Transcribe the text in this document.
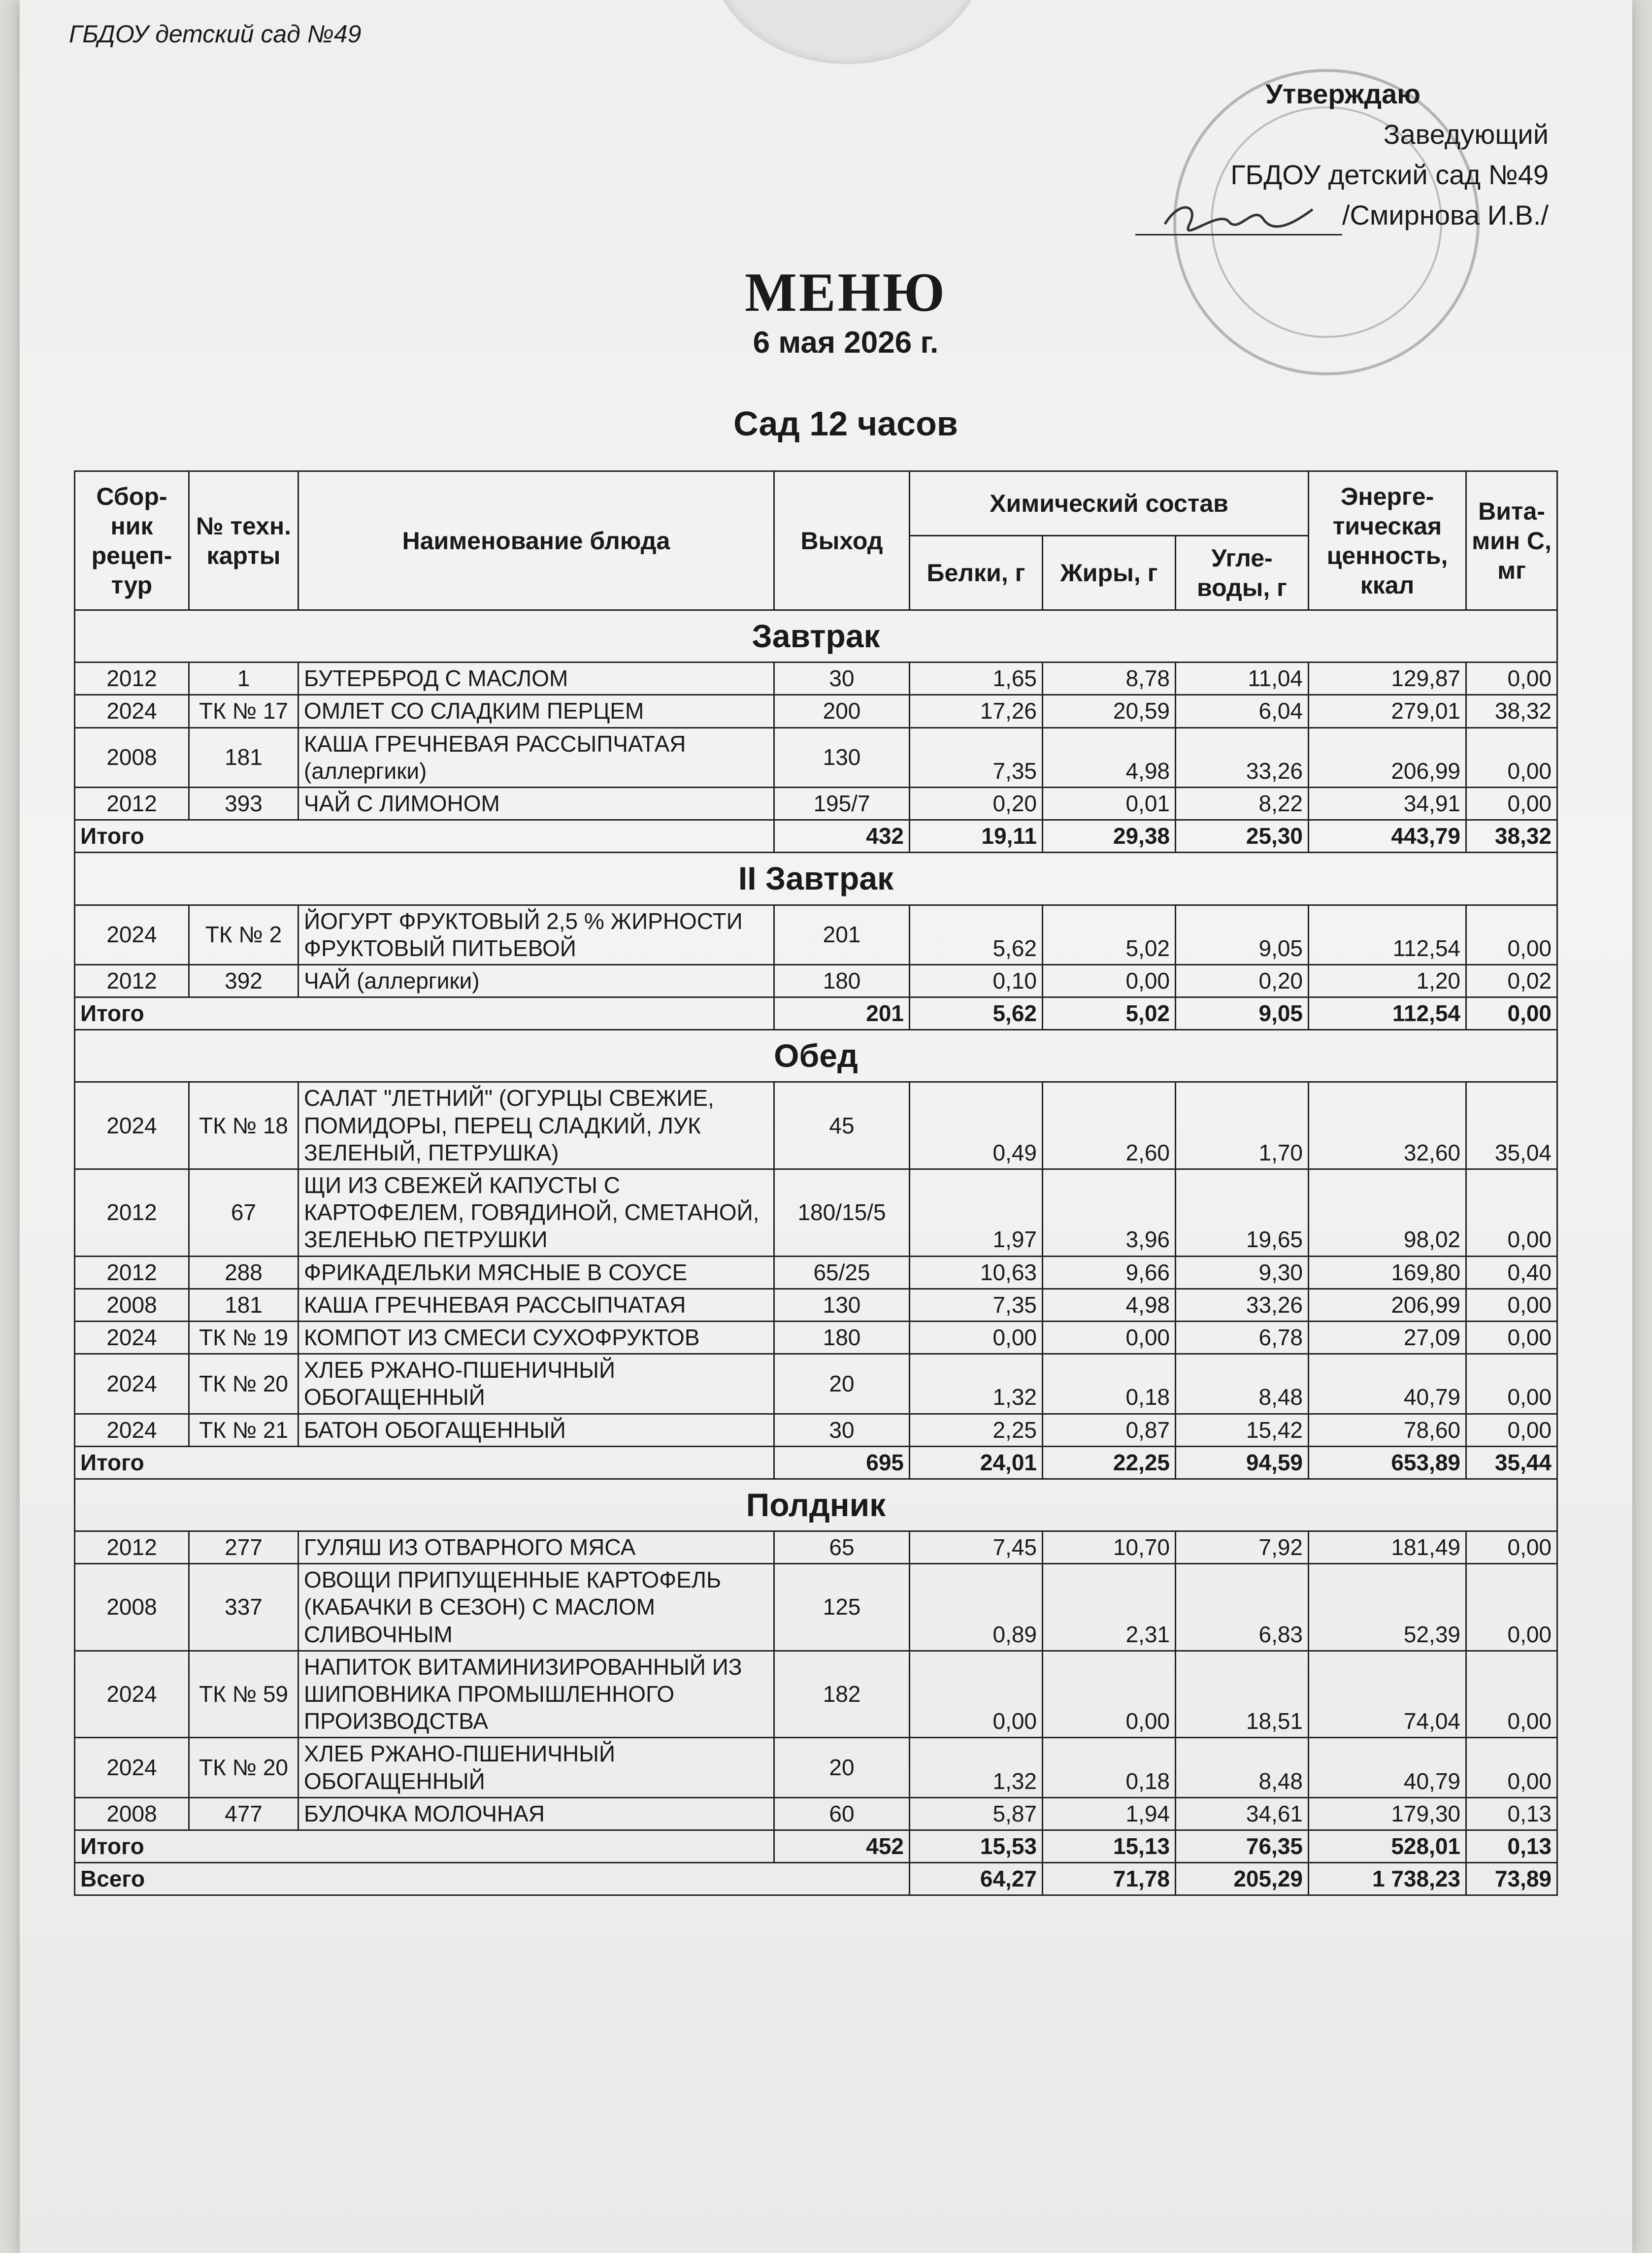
ГБДОУ детский сад №49
Утверждаю
Заведующий
ГБДОУ детский сад №49
/Смирнова И.В./
МЕНЮ
6 мая 2026 г.
Сад 12 часов
Сбор-ник рецеп-тур	№ техн. карты	Наименование блюда	Выход	Химический состав			Энерге-тическая ценность, ккал	Вита-мин С, мг
				Белки, г	Жиры, г	Угле-воды, г		
Завтрак								
2012	1	БУТЕРБРОД С МАСЛОМ	30	1,65	8,78	11,04	129,87	0,00
2024	ТК № 17	ОМЛЕТ СО СЛАДКИМ ПЕРЦЕМ	200	17,26	20,59	6,04	279,01	38,32
2008	181	КАША ГРЕЧНЕВАЯ РАССЫПЧАТАЯ (аллергики)	130	7,35	4,98	33,26	206,99	0,00
2012	393	ЧАЙ С ЛИМОНОМ	195/7	0,20	0,01	8,22	34,91	0,00
Итого			432	19,11	29,38	25,30	443,79	38,32
II Завтрак								
2024	ТК № 2	ЙОГУРТ ФРУКТОВЫЙ 2,5 % ЖИРНОСТИ ФРУКТОВЫЙ ПИТЬЕВОЙ	201	5,62	5,02	9,05	112,54	0,00
2012	392	ЧАЙ (аллергики)	180	0,10	0,00	0,20	1,20	0,02
Итого			201	5,62	5,02	9,05	112,54	0,00
Обед								
2024	ТК № 18	САЛАТ "ЛЕТНИЙ" (ОГУРЦЫ СВЕЖИЕ, ПОМИДОРЫ, ПЕРЕЦ СЛАДКИЙ, ЛУК ЗЕЛЕНЫЙ, ПЕТРУШКА)	45	0,49	2,60	1,70	32,60	35,04
2012	67	ЩИ ИЗ СВЕЖЕЙ КАПУСТЫ С КАРТОФЕЛЕМ, ГОВЯДИНОЙ, СМЕТАНОЙ, ЗЕЛЕНЬЮ ПЕТРУШКИ	180/15/5	1,97	3,96	19,65	98,02	0,00
2012	288	ФРИКАДЕЛЬКИ МЯСНЫЕ В СОУСЕ	65/25	10,63	9,66	9,30	169,80	0,40
2008	181	КАША ГРЕЧНЕВАЯ РАССЫПЧАТАЯ	130	7,35	4,98	33,26	206,99	0,00
2024	ТК № 19	КОМПОТ ИЗ СМЕСИ СУХОФРУКТОВ	180	0,00	0,00	6,78	27,09	0,00
2024	ТК № 20	ХЛЕБ РЖАНО-ПШЕНИЧНЫЙ ОБОГАЩЕННЫЙ	20	1,32	0,18	8,48	40,79	0,00
2024	ТК № 21	БАТОН ОБОГАЩЕННЫЙ	30	2,25	0,87	15,42	78,60	0,00
Итого			695	24,01	22,25	94,59	653,89	35,44
Полдник								
2012	277	ГУЛЯШ ИЗ ОТВАРНОГО МЯСА	65	7,45	10,70	7,92	181,49	0,00
2008	337	ОВОЩИ ПРИПУЩЕННЫЕ КАРТОФЕЛЬ (КАБАЧКИ В СЕЗОН) С МАСЛОМ СЛИВОЧНЫМ	125	0,89	2,31	6,83	52,39	0,00
2024	ТК № 59	НАПИТОК ВИТАМИНИЗИРОВАННЫЙ ИЗ ШИПОВНИКА ПРОМЫШЛЕННОГО ПРОИЗВОДСТВА	182	0,00	0,00	18,51	74,04	0,00
2024	ТК № 20	ХЛЕБ РЖАНО-ПШЕНИЧНЫЙ ОБОГАЩЕННЫЙ	20	1,32	0,18	8,48	40,79	0,00
2008	477	БУЛОЧКА МОЛОЧНАЯ	60	5,87	1,94	34,61	179,30	0,13
Итого			452	15,53	15,13	76,35	528,01	0,13
Всего				64,27	71,78	205,29	1 738,23	73,89
